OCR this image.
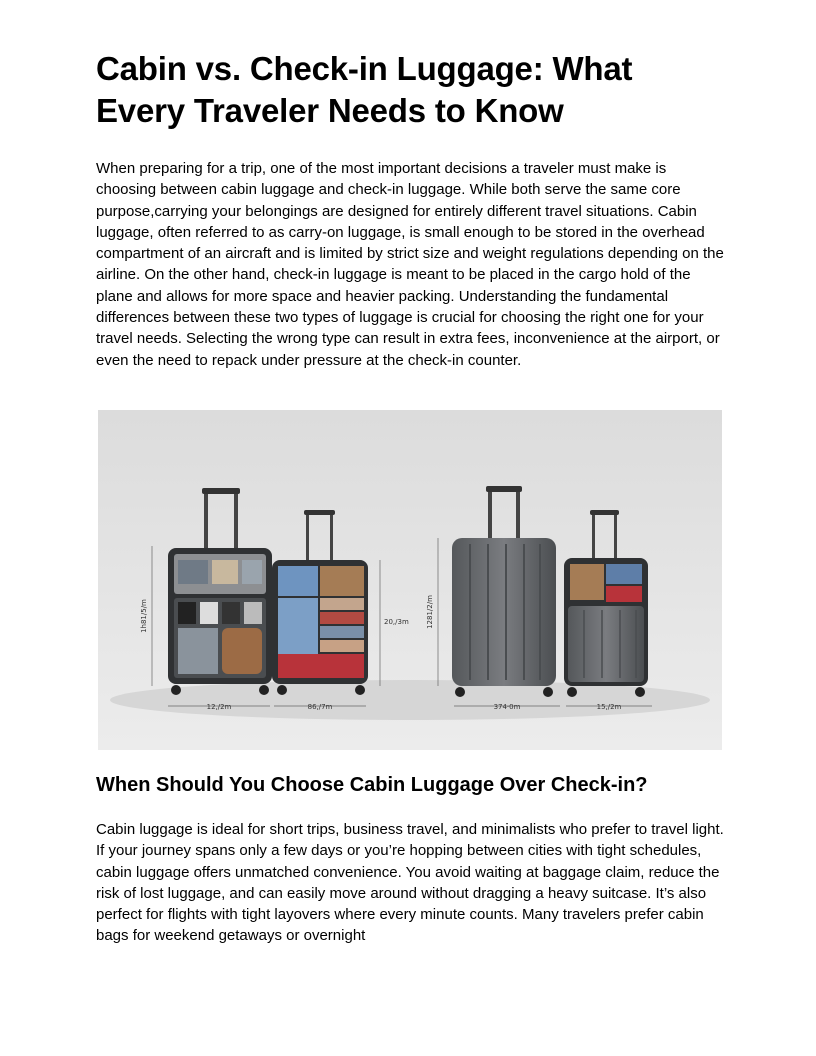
Cabin vs. Check-in Luggage: What Every Traveler Needs to Know

When preparing for a trip, one of the most important decisions a traveler must make is choosing between cabin luggage and check-in luggage. While both serve the same core purpose,carrying your belongings are designed for entirely different travel situations. Cabin luggage, often referred to as carry-on luggage, is small enough to be stored in the overhead compartment of an aircraft and is limited by strict size and weight regulations depending on the airline. On the other hand, check-in luggage is meant to be placed in the cargo hold of the plane and allows for more space and heavier packing. Understanding the fundamental differences between these two types of luggage is crucial for choosing the right one for your travel needs. Selecting the wrong type can result in extra fees, inconvenience at the airport, or even the need to repack under pressure at the check-in counter.

1h81/5/m	20,/3m
12,/2m	86,/7m
1281/2/m
374·0m	15,/2m
When Should You Choose Cabin Luggage Over Check-in?

Cabin luggage is ideal for short trips, business travel, and minimalists who prefer to travel light. If your journey spans only a few days or you’re hopping between cities with tight schedules, cabin luggage offers unmatched convenience. You avoid waiting at baggage claim, reduce the risk of lost luggage, and can easily move around without dragging a heavy suitcase. It’s also perfect for flights with tight layovers where every minute counts. Many travelers prefer cabin bags for weekend getaways or overnight
